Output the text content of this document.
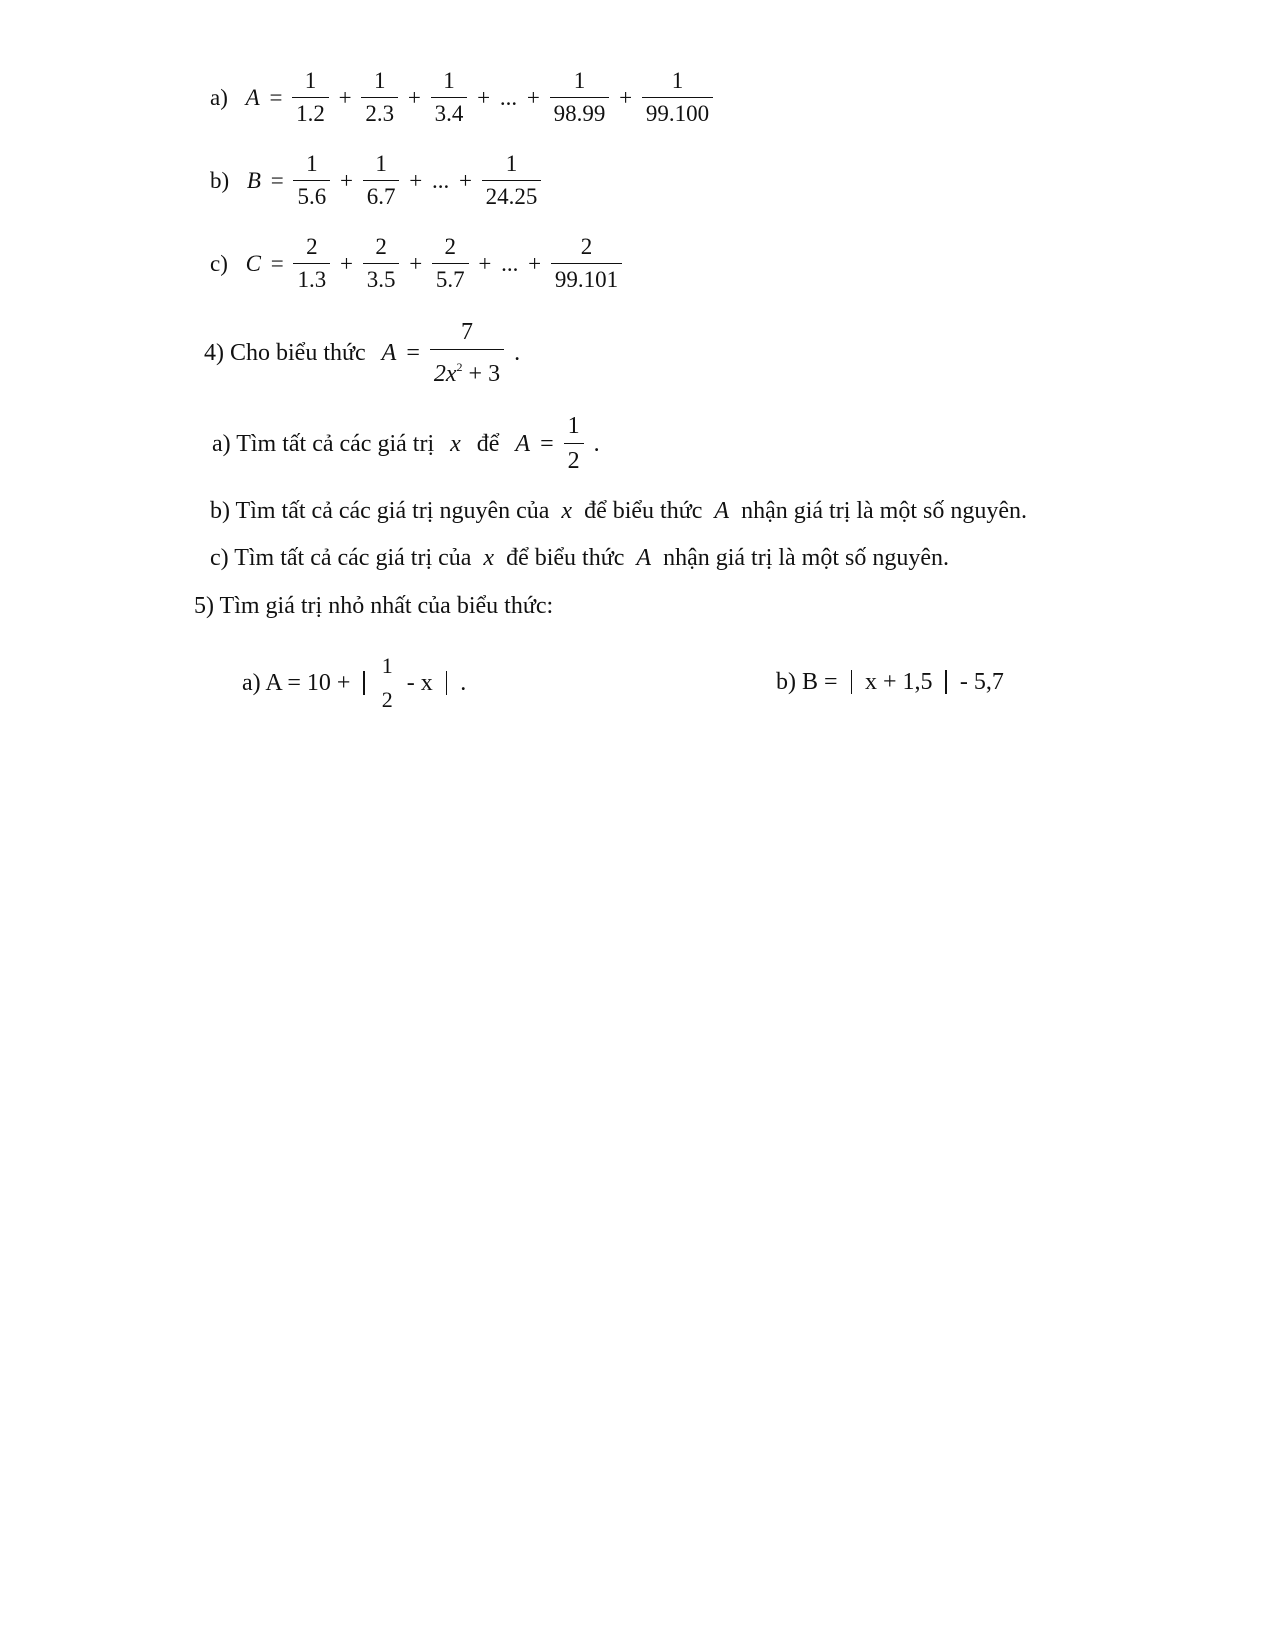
a) $A = \frac{1}{1.2} + \frac{1}{2.3} + \frac{1}{3.4}$ + ... + $\frac{1}{98.99} + \frac{1}{99.100}$
b) $B = \frac{1}{5.6} + \frac{1}{6.7}$ + ... + $\frac{1}{24.25}$
c) $C = \frac{2}{1.3} + \frac{2}{3.5} + \frac{2}{5.7}$ + ... + $\frac{2}{99.101}$
4) Cho biểu thức $A = \frac{7}{2x^2 + 3}$ .
a) Tìm tất cả các giá trị x để $A = \frac{1}{2}$ .
b) Tìm tất cả các giá trị nguyên của x để biểu thức A nhận giá trị là một số nguyên.
c) Tìm tất cả các giá trị của x để biểu thức A nhận giá trị là một số nguyên.
5) Tìm giá trị nhỏ nhất của biểu thức:
a) A = 10 +
1
2
- x .	b) B = x + 1,5 - 5,7
